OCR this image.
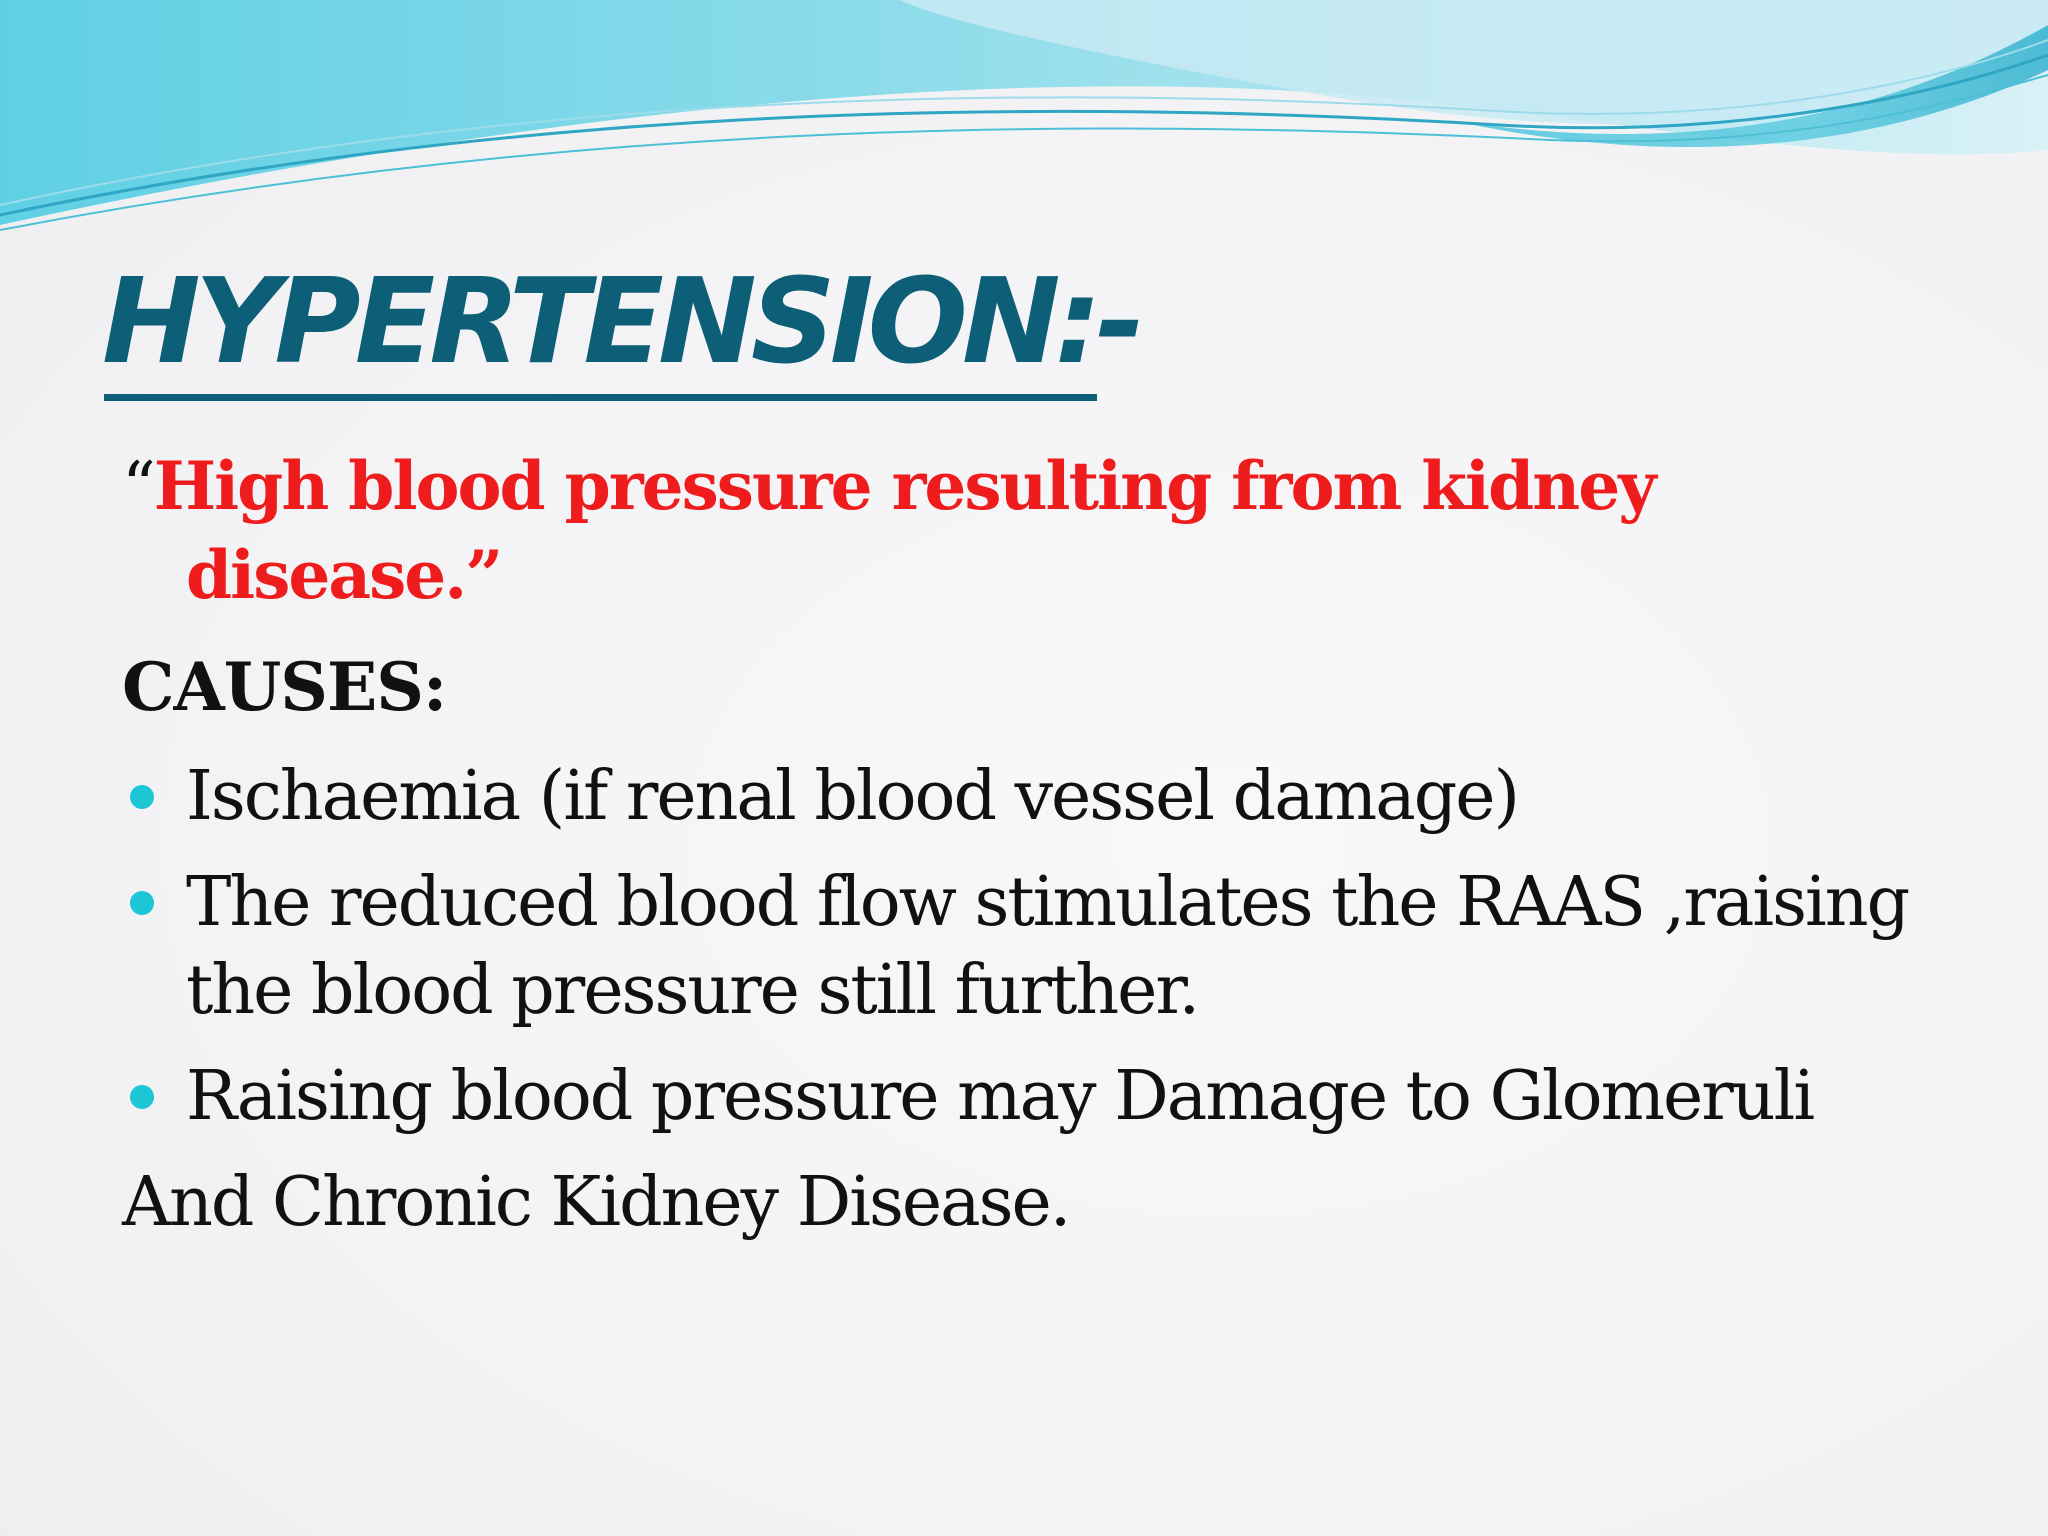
HYPERTENSION:-

“High blood pressure resulting from kidney disease.”

CAUSES:

Ischaemia (if renal blood vessel damage)
The reduced blood flow stimulates the RAAS ,raising the blood pressure still further.
Raising blood pressure may Damage to Glomeruli

And Chronic Kidney Disease.
